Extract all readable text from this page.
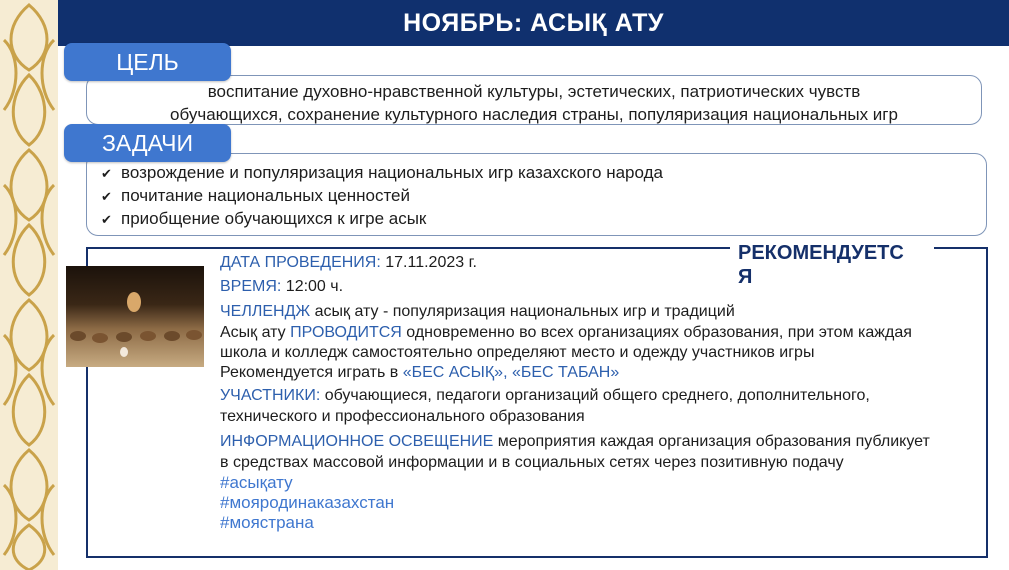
НОЯБРЬ: АСЫҚ АТУ
воспитание духовно-нравственной культуры, эстетических, патриотических чувств
обучающихся, сохранение культурного наследия страны, популяризация национальных игр
ЦЕЛЬ
✔ возрождение и популяризация национальных игр казахского народа
✔ почитание национальных ценностей
✔ приобщение обучающихся к игре асык
ЗАДАЧИ
РЕКОМЕНДУЕТС
Я
ДАТА ПРОВЕДЕНИЯ: 17.11.2023 г.
ВРЕМЯ: 12:00 ч.
ЧЕЛЛЕНДЖ асық ату - популяризация национальных игр и традиций
Асық ату ПРОВОДИТСЯ одновременно во всех организациях образования, при этом каждая
школа и колледж самостоятельно определяют место и одежду участников игры
Рекомендуется играть в «БЕС АСЫҚ», «БЕС ТАБАН»
УЧАСТНИКИ: обучающиеся, педагоги организаций общего среднего, дополнительного,
технического и профессионального образования
ИНФОРМАЦИОННОЕ ОСВЕЩЕНИЕ мероприятия каждая организация образования публикует
в средствах массовой информации и в социальных сетях через позитивную подачу
#асықату
#мояродинаказахстан
#моястрана
